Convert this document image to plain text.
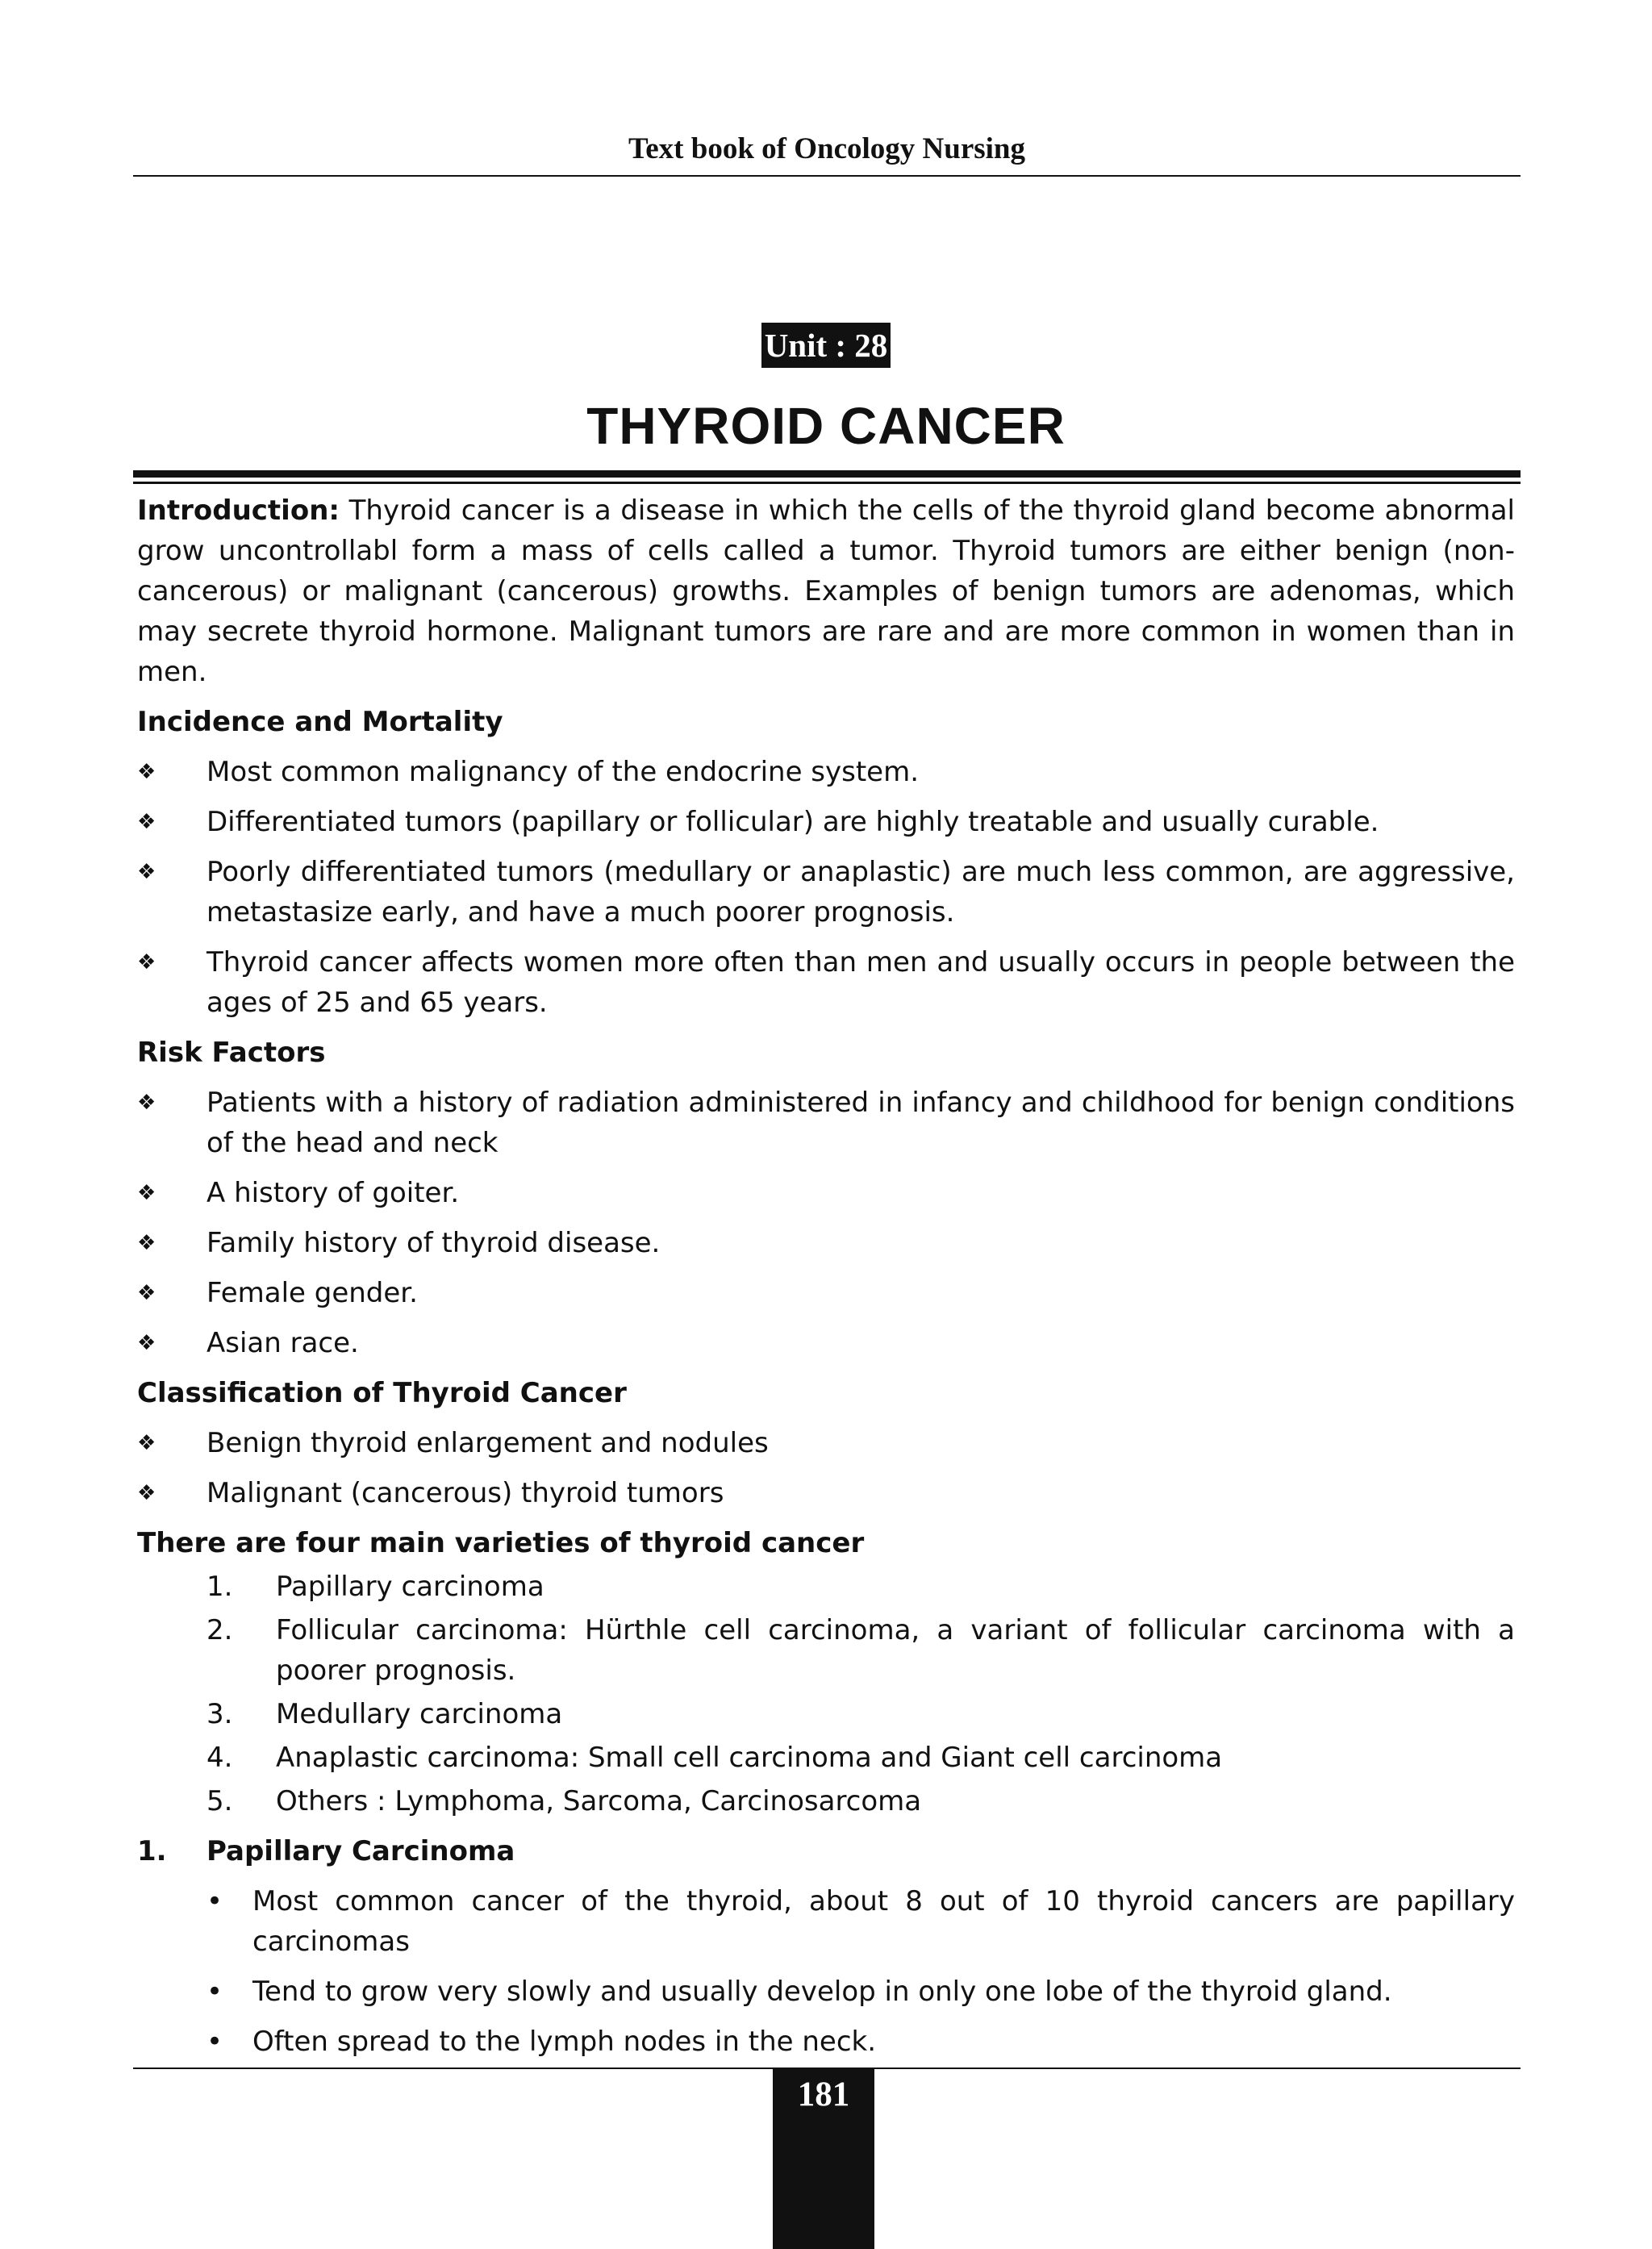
Text book of Oncology Nursing
Unit : 28
THYROID CANCER

Introduction: Thyroid cancer is a disease in which the cells of the thyroid gland become abnormal grow uncontrollabl form a mass of cells called a tumor. Thyroid tumors are either benign (non-cancerous) or malignant (cancerous) growths. Examples of benign tumors are adenomas, which may secrete thyroid hormone. Malignant tumors are rare and are more common in women than in men.

Incidence and Mortality
❖ Most common malignancy of the endocrine system.
❖ Differentiated tumors (papillary or follicular) are highly treatable and usually curable.
❖ Poorly differentiated tumors (medullary or anaplastic) are much less common, are aggressive, metastasize early, and have a much poorer prognosis.
❖ Thyroid cancer affects women more often than men and usually occurs in people between the ages of 25 and 65 years.
Risk Factors
❖ Patients with a history of radiation administered in infancy and childhood for benign conditions of the head and neck
❖ A history of goiter.
❖ Family history of thyroid disease.
❖ Female gender.
❖ Asian race.
Classification of Thyroid Cancer
❖ Benign thyroid enlargement and nodules
❖ Malignant (cancerous) thyroid tumors
There are four main varieties of thyroid cancer
1. Papillary carcinoma
2. Follicular carcinoma: Hürthle cell carcinoma, a variant of follicular carcinoma with a poorer prognosis.
3. Medullary carcinoma
4. Anaplastic carcinoma: Small cell carcinoma and Giant cell carcinoma
5. Others : Lymphoma, Sarcoma, Carcinosarcoma
1. Papillary Carcinoma
• Most common cancer of the thyroid, about 8 out of 10 thyroid cancers are papillary carcinomas
• Tend to grow very slowly and usually develop in only one lobe of the thyroid gland.
• Often spread to the lymph nodes in the neck.
181
